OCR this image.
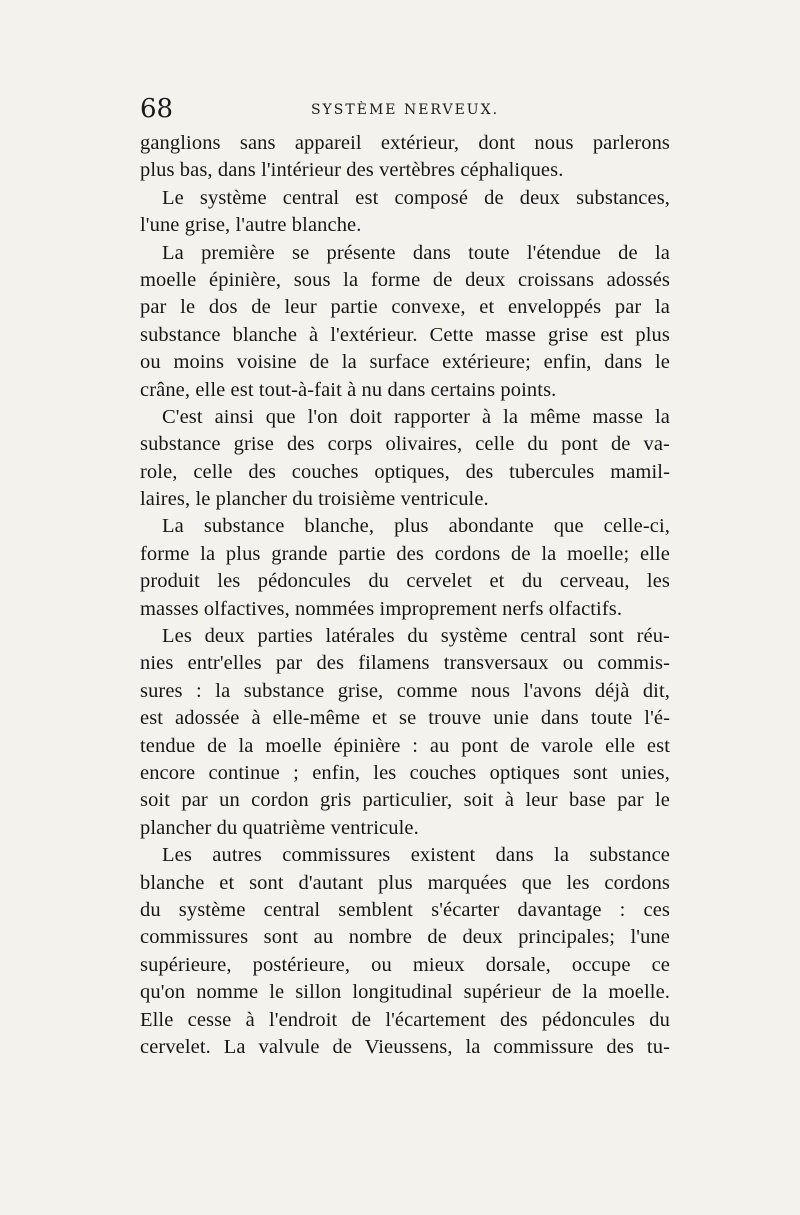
68	SYSTÈME NERVEUX.
ganglions sans appareil extérieur, dont nous parlerons
plus bas, dans l'intérieur des vertèbres céphaliques.
Le système central est composé de deux substances,
l'une grise, l'autre blanche.
La première se présente dans toute l'étendue de la
moelle épinière, sous la forme de deux croissans adossés
par le dos de leur partie convexe, et enveloppés par la
substance blanche à l'extérieur. Cette masse grise est plus
ou moins voisine de la surface extérieure; enfin, dans le
crâne, elle est tout-à-fait à nu dans certains points.
C'est ainsi que l'on doit rapporter à la même masse la
substance grise des corps olivaires, celle du pont de va-
role, celle des couches optiques, des tubercules mamil-
laires, le plancher du troisième ventricule.
La substance blanche, plus abondante que celle-ci,
forme la plus grande partie des cordons de la moelle; elle
produit les pédoncules du cervelet et du cerveau, les
masses olfactives, nommées improprement nerfs olfactifs.
Les deux parties latérales du système central sont réu-
nies entr'elles par des filamens transversaux ou commis-
sures : la substance grise, comme nous l'avons déjà dit,
est adossée à elle-même et se trouve unie dans toute l'é-
tendue de la moelle épinière : au pont de varole elle est
encore continue ; enfin, les couches optiques sont unies,
soit par un cordon gris particulier, soit à leur base par le
plancher du quatrième ventricule.
Les autres commissures existent dans la substance
blanche et sont d'autant plus marquées que les cordons
du système central semblent s'écarter davantage : ces
commissures sont au nombre de deux principales; l'une
supérieure, postérieure, ou mieux dorsale, occupe ce
qu'on nomme le sillon longitudinal supérieur de la moelle.
Elle cesse à l'endroit de l'écartement des pédoncules du
cervelet. La valvule de Vieussens, la commissure des tu-
